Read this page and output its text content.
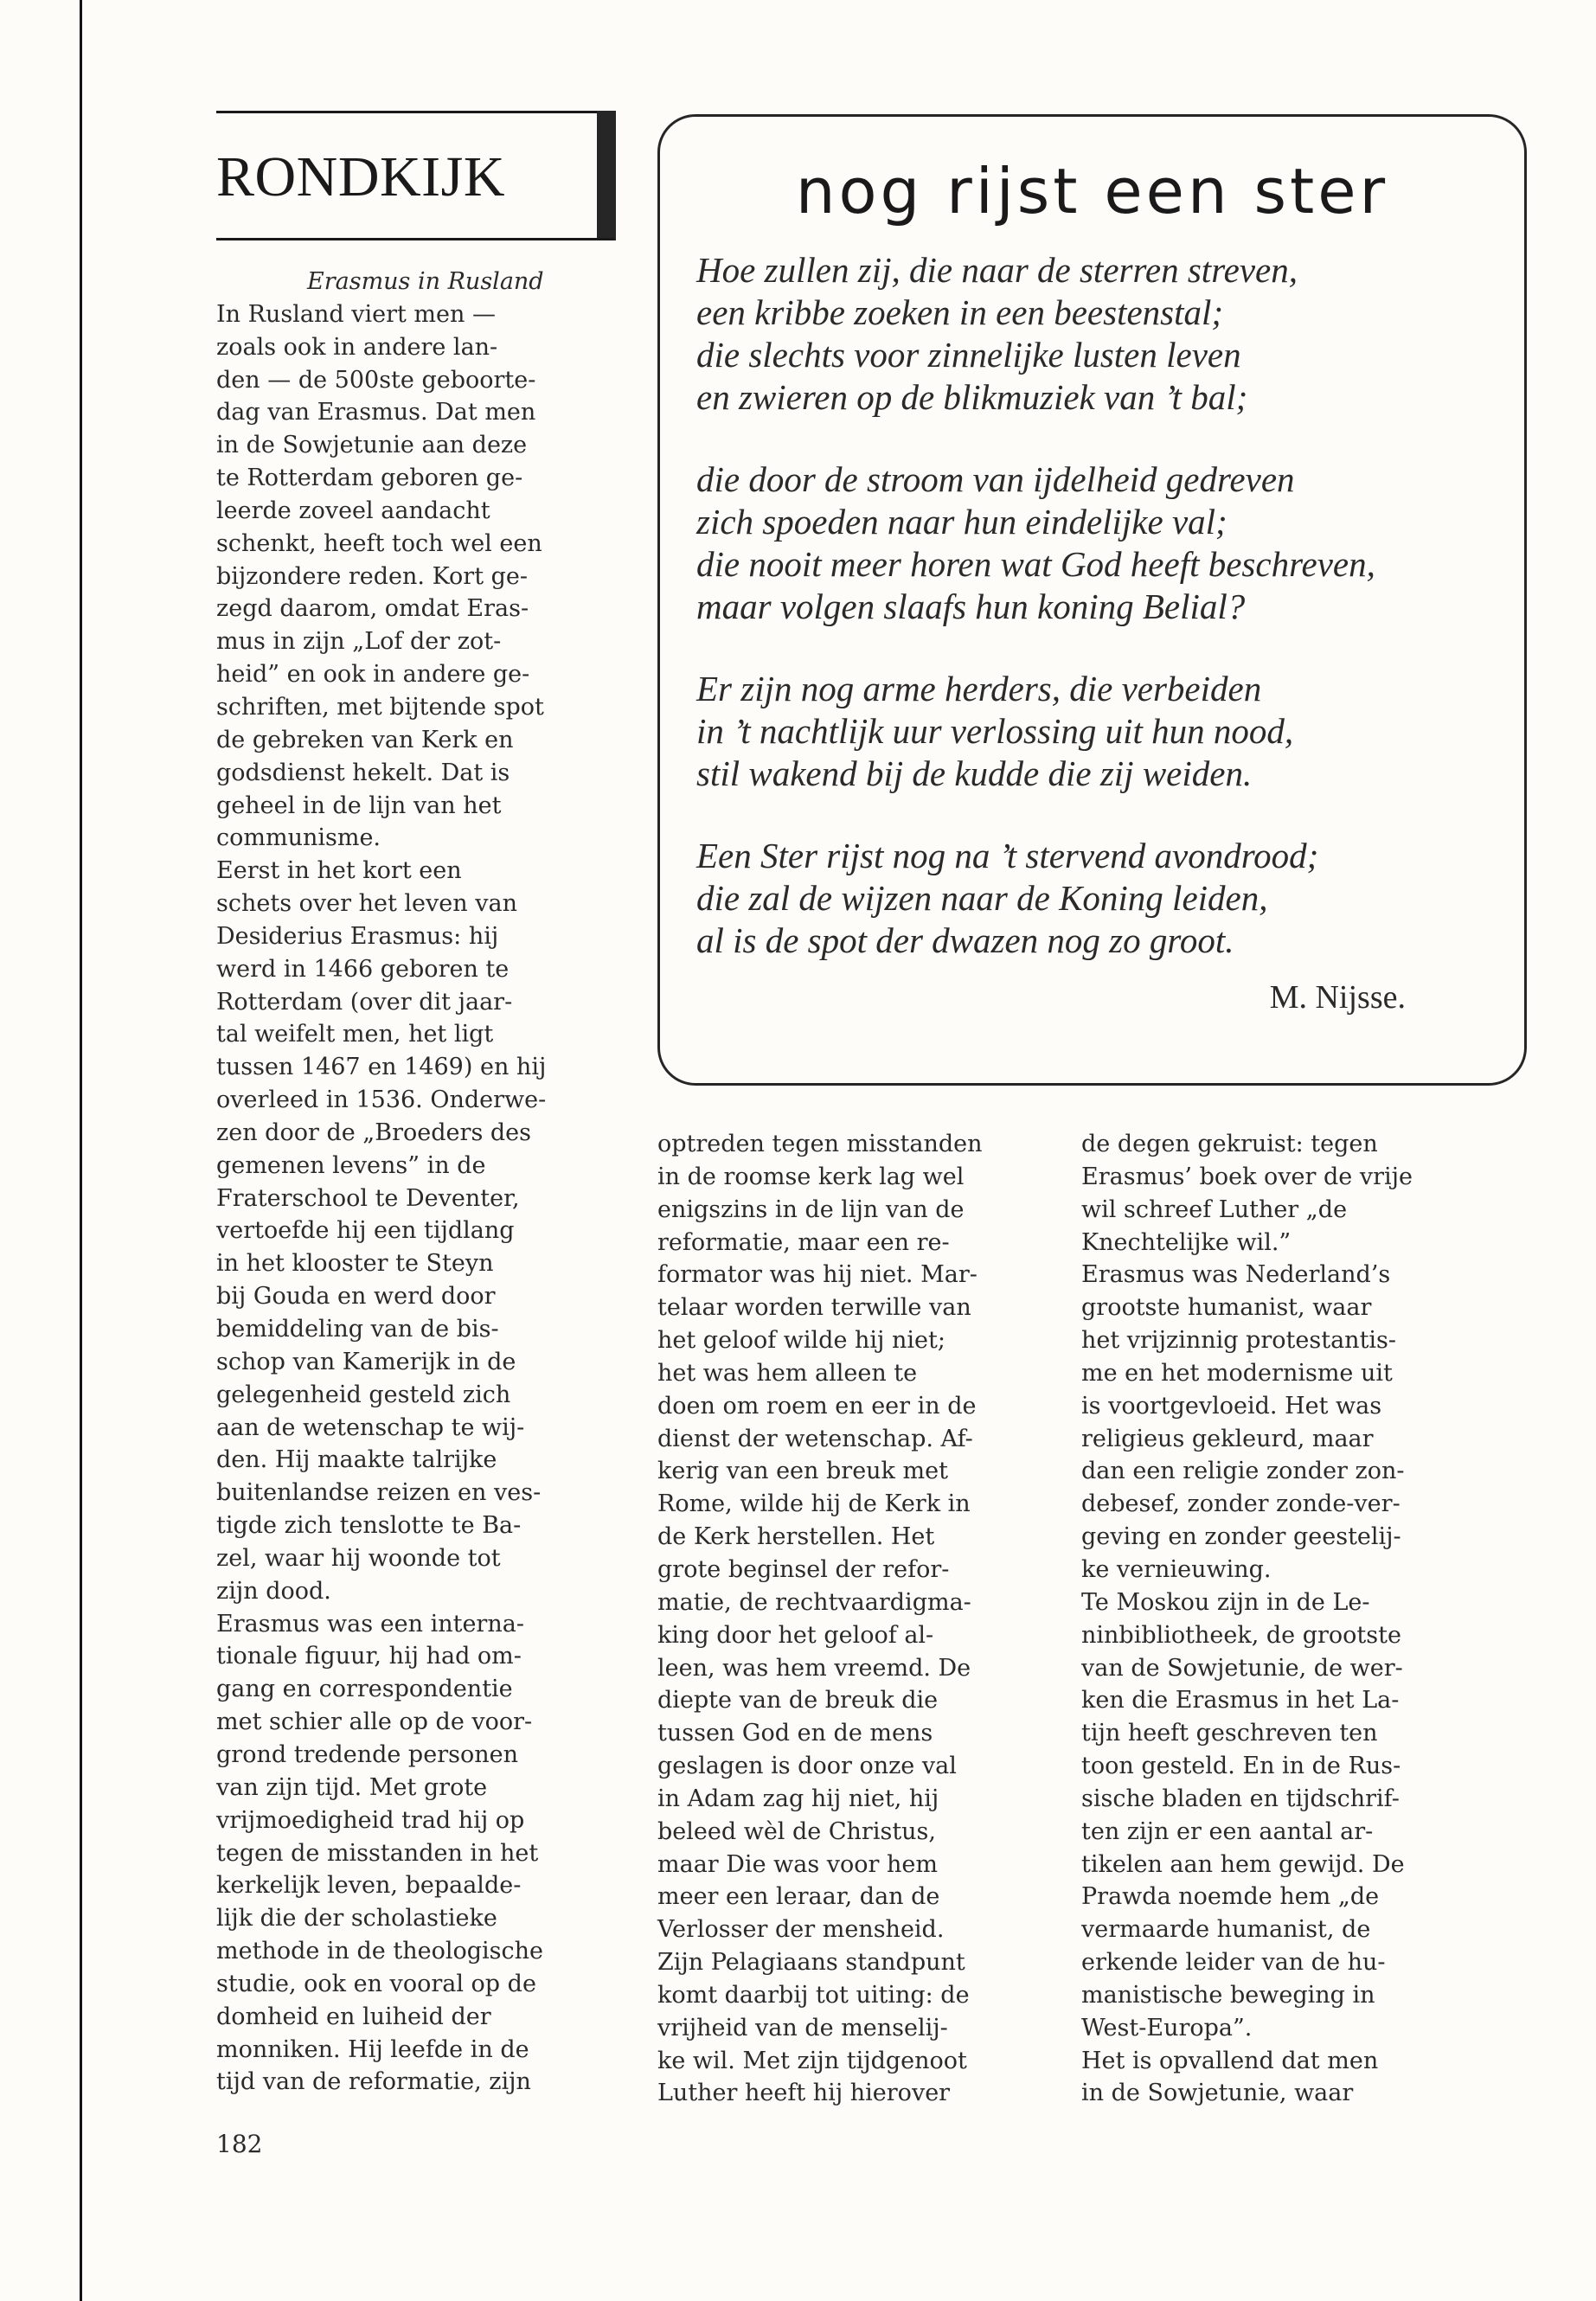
RONDKIJK	nog rijst een ster
Hoe zullen zij, die naar de sterren streven,
een kribbe zoeken in een beestenstal;
die slechts voor zinnelijke lusten leven
en zwieren op de blikmuziek van ’t bal;
die door de stroom van ijdelheid gedreven
zich spoeden naar hun eindelijke val;
die nooit meer horen wat God heeft beschreven,
maar volgen slaafs hun koning Belial?
Er zijn nog arme herders, die verbeiden
in ’t nachtlijk uur verlossing uit hun nood,
stil wakend bij de kudde die zij weiden.
Een Ster rijst nog na ’t stervend avondrood;
die zal de wijzen naar de Koning leiden,
al is de spot der dwazen nog zo groot.
M. Nijsse.
Erasmus in Rusland
In Rusland viert men —
zoals ook in andere lan-
den — de 500ste geboorte-
dag van Erasmus. Dat men
in de Sowjetunie aan deze
te Rotterdam geboren ge-
leerde zoveel aandacht
schenkt, heeft toch wel een
bijzondere reden. Kort ge-
zegd daarom, omdat Eras-
mus in zijn „Lof der zot-
heid” en ook in andere ge-
schriften, met bijtende spot
de gebreken van Kerk en
godsdienst hekelt. Dat is
geheel in de lijn van het
communisme.
Eerst in het kort een
schets over het leven van
Desiderius Erasmus: hij
werd in 1466 geboren te
Rotterdam (over dit jaar-
tal weifelt men, het ligt
tussen 1467 en 1469) en hij
overleed in 1536. Onderwe-
zen door de „Broeders des
gemenen levens” in de
Fraterschool te Deventer,
vertoefde hij een tijdlang
in het klooster te Steyn
bij Gouda en werd door
bemiddeling van de bis-
schop van Kamerijk in de
gelegenheid gesteld zich
aan de wetenschap te wij-
den. Hij maakte talrijke
buitenlandse reizen en ves-
tigde zich tenslotte te Ba-
zel, waar hij woonde tot
zijn dood.
Erasmus was een interna-
tionale figuur, hij had om-
gang en correspondentie
met schier alle op de voor-
grond tredende personen
van zijn tijd. Met grote
vrijmoedigheid trad hij op
tegen de misstanden in het
kerkelijk leven, bepaalde-
lijk die der scholastieke
methode in de theologische
studie, ook en vooral op de
domheid en luiheid der
monniken. Hij leefde in de
tijd van de reformatie, zijn
optreden tegen misstanden
in de roomse kerk lag wel
enigszins in de lijn van de
reformatie, maar een re-
formator was hij niet. Mar-
telaar worden terwille van
het geloof wilde hij niet;
het was hem alleen te
doen om roem en eer in de
dienst der wetenschap. Af-
kerig van een breuk met
Rome, wilde hij de Kerk in
de Kerk herstellen. Het
grote beginsel der refor-
matie, de rechtvaardigma-
king door het geloof al-
leen, was hem vreemd. De
diepte van de breuk die
tussen God en de mens
geslagen is door onze val
in Adam zag hij niet, hij
beleed wèl de Christus,
maar Die was voor hem
meer een leraar, dan de
Verlosser der mensheid.
Zijn Pelagiaans standpunt
komt daarbij tot uiting: de
vrijheid van de menselij-
ke wil. Met zijn tijdgenoot
Luther heeft hij hierover
de degen gekruist: tegen
Erasmus’ boek over de vrije
wil schreef Luther „de
Knechtelijke wil.”
Erasmus was Nederland’s
grootste humanist, waar
het vrijzinnig protestantis-
me en het modernisme uit
is voortgevloeid. Het was
religieus gekleurd, maar
dan een religie zonder zon-
debesef, zonder zonde-ver-
geving en zonder geestelij-
ke vernieuwing.
Te Moskou zijn in de Le-
ninbibliotheek, de grootste
van de Sowjetunie, de wer-
ken die Erasmus in het La-
tijn heeft geschreven ten
toon gesteld. En in de Rus-
sische bladen en tijdschrif-
ten zijn er een aantal ar-
tikelen aan hem gewijd. De
Prawda noemde hem „de
vermaarde humanist, de
erkende leider van de hu-
manistische beweging in
West-Europa”.
Het is opvallend dat men
in de Sowjetunie, waar
182
